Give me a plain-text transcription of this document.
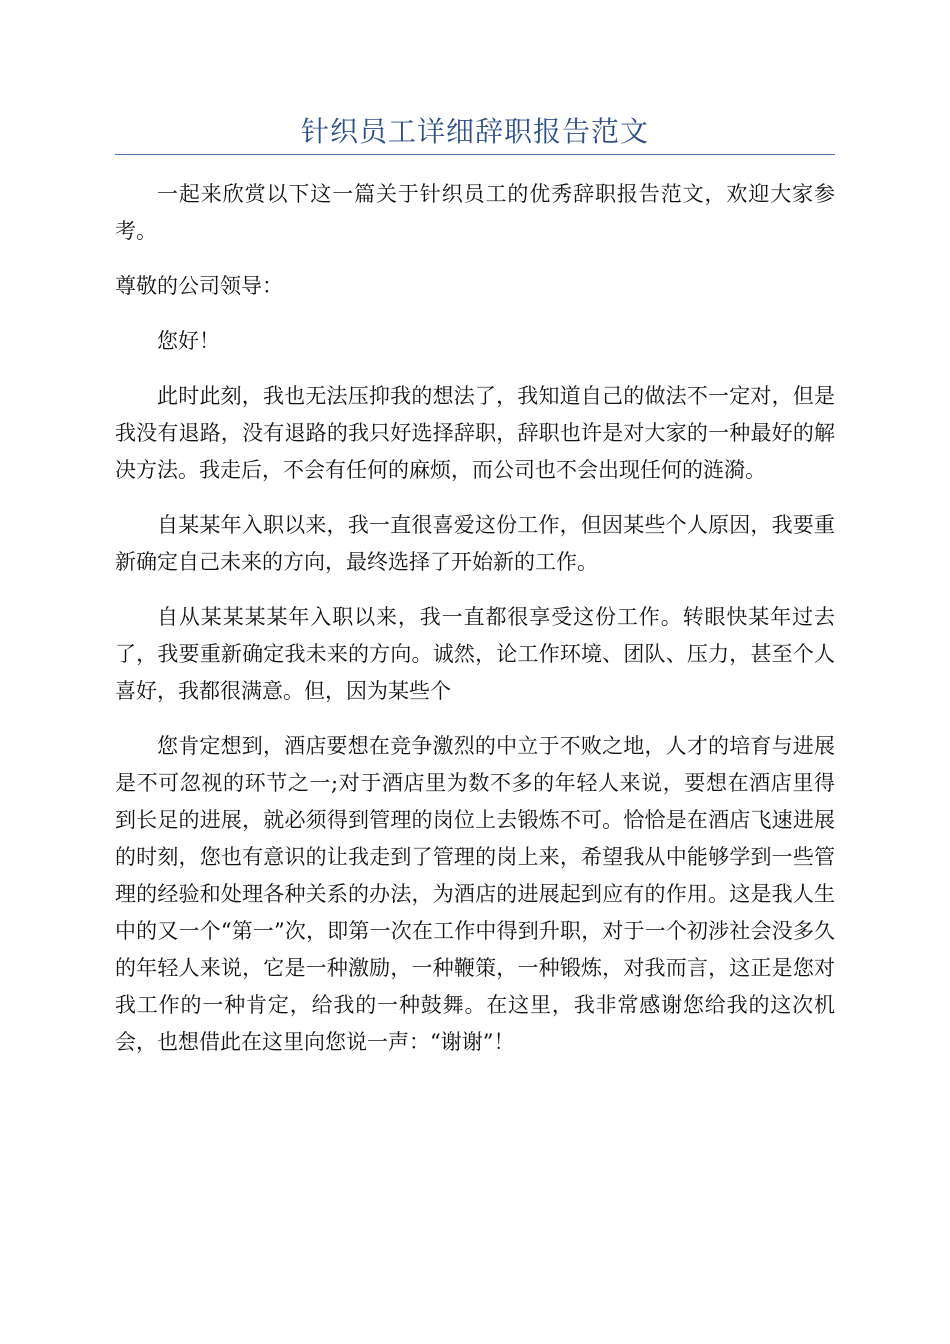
针织员工详细辞职报告范文

一起来欣赏以下这一篇关于针织员工的优秀辞职报告范文，欢迎大家参考。

尊敬的公司领导：

您好！

此时此刻，我也无法压抑我的想法了，我知道自己的做法不一定对，但是我没有退路，没有退路的我只好选择辞职，辞职也许是对大家的一种最好的解决方法。我走后，不会有任何的麻烦，而公司也不会出现任何的涟漪。

自某某年入职以来，我一直很喜爱这份工作，但因某些个人原因，我要重新确定自己未来的方向，最终选择了开始新的工作。

自从某某某某年入职以来，我一直都很享受这份工作。转眼快某年过去了，我要重新确定我未来的方向。诚然，论工作环境、团队、压力，甚至个人喜好，我都很满意。但，因为某些个

您肯定想到，酒店要想在竞争激烈的中立于不败之地，人才的培育与进展是不可忽视的环节之一;对于酒店里为数不多的年轻人来说，要想在酒店里得到长足的进展，就必须得到管理的岗位上去锻炼不可。恰恰是在酒店飞速进展的时刻，您也有意识的让我走到了管理的岗上来，希望我从中能够学到一些管理的经验和处理各种关系的办法，为酒店的进展起到应有的作用。这是我人生中的又一个“第一”次，即第一次在工作中得到升职，对于一个初涉社会没多久的年轻人来说，它是一种激励，一种鞭策，一种锻炼，对我而言，这正是您对我工作的一种肯定，给我的一种鼓舞。在这里，我非常感谢您给我的这次机会，也想借此在这里向您说一声：“谢谢”！
